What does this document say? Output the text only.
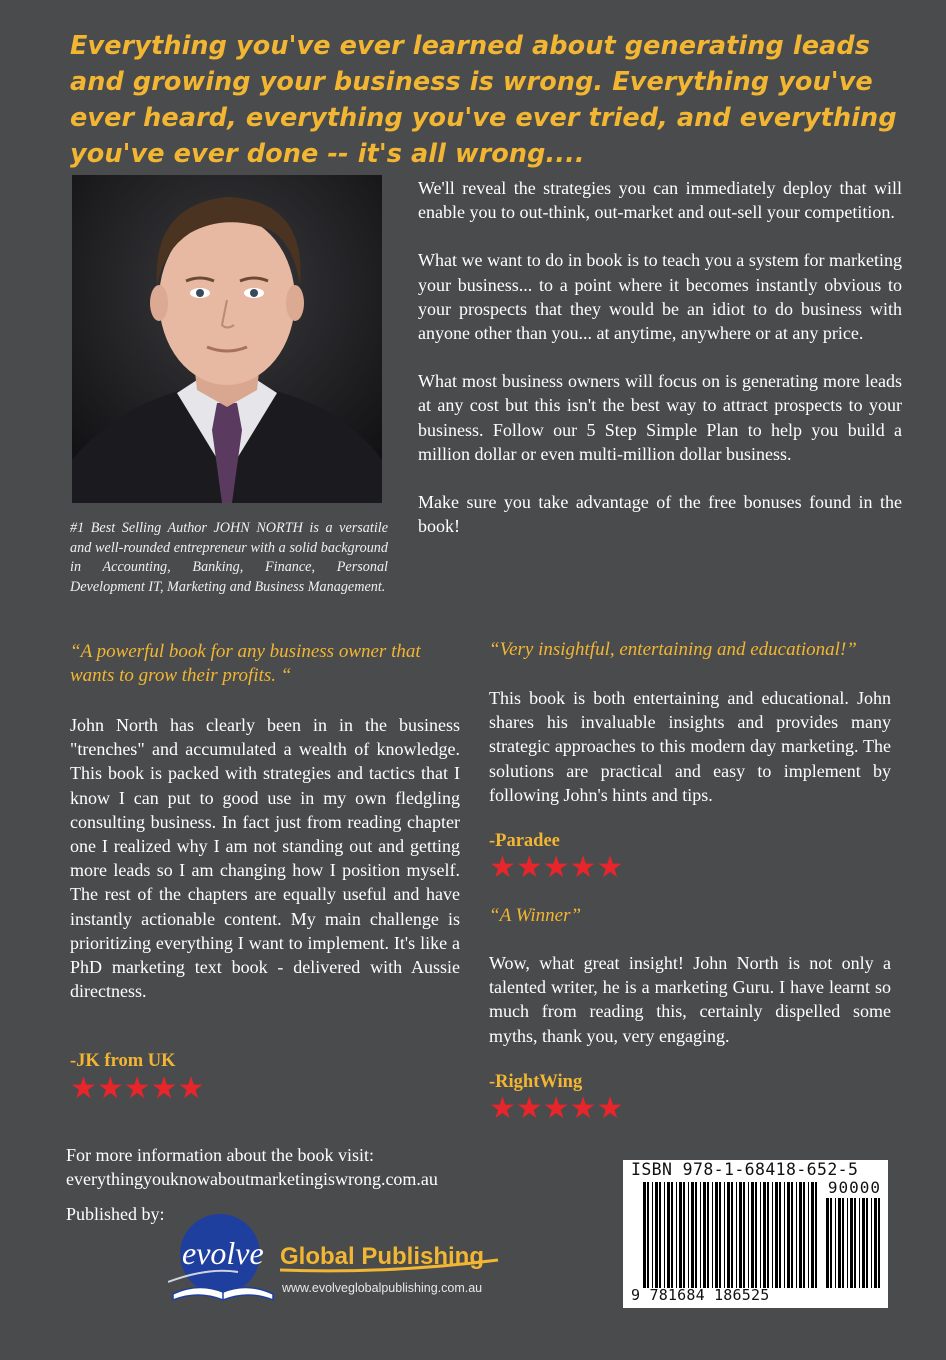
Everything you've ever learned about generating leads and growing your business is wrong. Everything you've ever heard, everything you've ever tried, and everything you've ever done -- it's all wrong....
#1 Best Selling Author JOHN NORTH is a versatile and well-rounded entrepreneur with a solid background in Accounting, Banking, Finance, Personal Development IT, Marketing and Business Management.

We'll reveal the strategies you can immediately deploy that will enable you to out-think, out-market and out-sell your competition.

What we want to do in book is to teach you a system for marketing your business... to a point where it becomes instantly obvious to your prospects that they would be an idiot to do business with anyone other than you... at anytime, anywhere or at any price.

What most business owners will focus on is generating more leads at any cost but this isn't the best way to attract prospects to your business. Follow our 5 Step Simple Plan to help you build a million dollar or even multi-million dollar business.

Make sure you take advantage of the free bonuses found in the book!

“A powerful book for any business owner that wants to grow their profits. “
John North has clearly been in in the business "trenches" and accumulated a wealth of knowledge. This book is packed with strategies and tactics that I know I can put to good use in my own fledgling consulting business. In fact just from reading chapter one I realized why I am not standing out and getting more leads so I am changing how I position myself. The rest of the chapters are equally useful and have instantly actionable content. My main challenge is prioritizing everything I want to implement. It's like a PhD marketing text book - delivered with Aussie directness.
-JK from UK
★★★★★
“Very insightful, entertaining and educational!”
This book is both entertaining and educational. John shares his invaluable insights and provides many strategic approaches to this modern day marketing. The solutions are practical and easy to implement by following John's hints and tips.
-Paradee
★★★★★
“A Winner”
Wow, what great insight! John North is not only a talented writer, he is a marketing Guru. I have learnt so much from reading this, certainly dispelled some myths, thank you, very engaging.
-RightWing
★★★★★
For more information about the book visit:
everythingyouknowaboutmarketingiswrong.com.au
Published by:
evolve Global Publishing
www.evolveglobalpublishing.com.au
ISBN 978-1-68418-652-5
90000
9 781684 186525
